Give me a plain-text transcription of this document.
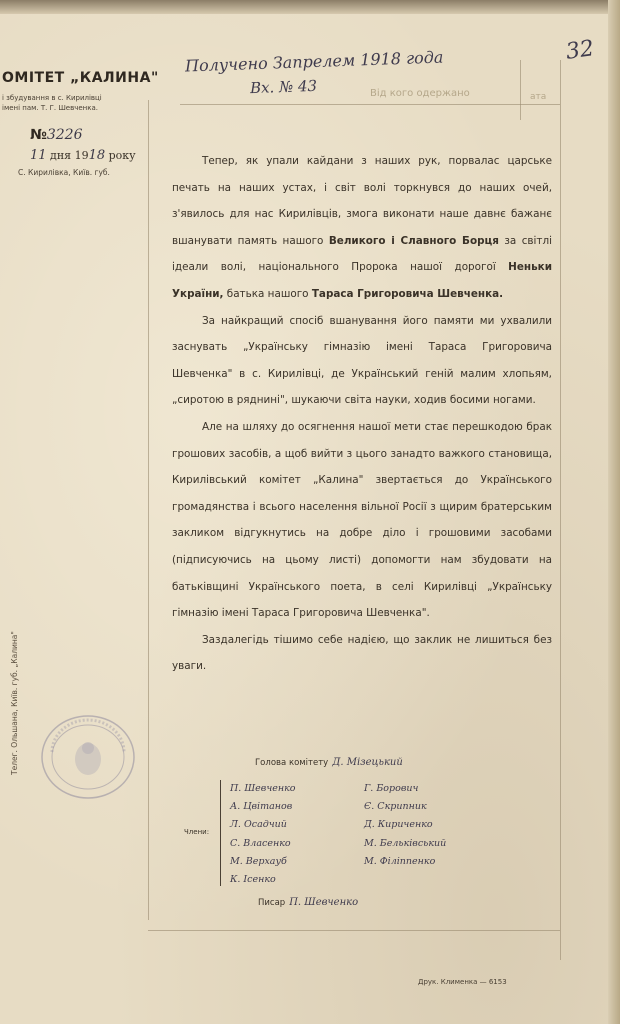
ОМІТЕТ „КАЛИНА"
і збудування в с. Кирилівці
імені пам. Т. Г. Шевченка.
№3226
11 дня 1918 року
С. Кирилівка, Київ. губ.
Телег. Ольшана, Київ. губ. „Калина"
Від кого одержано	ата
Получено Запрелем 1918 года
Вх. № 43
32

Тепер, як упали кайдани з наших рук, порвалас царське печать на наших устах, і світ волі торкнувся до наших очей, з'явилось для нас Кирилівців, змога виконати наше давнє бажанє вшанувати память нашого Великого і Славного Борця за світлі ідеали волі, національного Пророка нашої дорогої Неньки України, батька нашого Тараса Григоровича Шевченка.

За найкращий спосіб вшанування його памяти ми ухвалили заснувать „Українську гімназію імені Тараса Григоровича Шевченка" в с. Кирилівці, де Український геній малим хлопьям, „сиротою в ряднині", шукаючи світа науки, ходив босими ногами.

Але на шляху до осягнення нашої мети стає перешкодою брак грошових засобів, а щоб вийти з цього занадто важкого становища, Кирилівський комітет „Калина" звертається до Українського громадянства і всього населення вільної Росії з щирим братерським закликом відгукнутись на добре діло і грошовими засобами (підписуючись на цьому листі) допомогти нам збудовати на батьківщині Українського поета, в селі Кирилівці „Українську гімназію імені Тараса Григоровича Шевченка".

Заздалегідь тішимо себе надією, що заклик не лишиться без уваги.

Голова комітету Д. Мізецький
Члени:
Писар П. Шевченко
Друк. Клименка — 6153
П. Шевченко
А. Цвітанов
Л. Осадчий
С. Власенко
М. Верхауб
К. Ісенко
Г. Борович
Є. Скрипник
Д. Кириченко
М. Бельківський
М. Філіппенко
